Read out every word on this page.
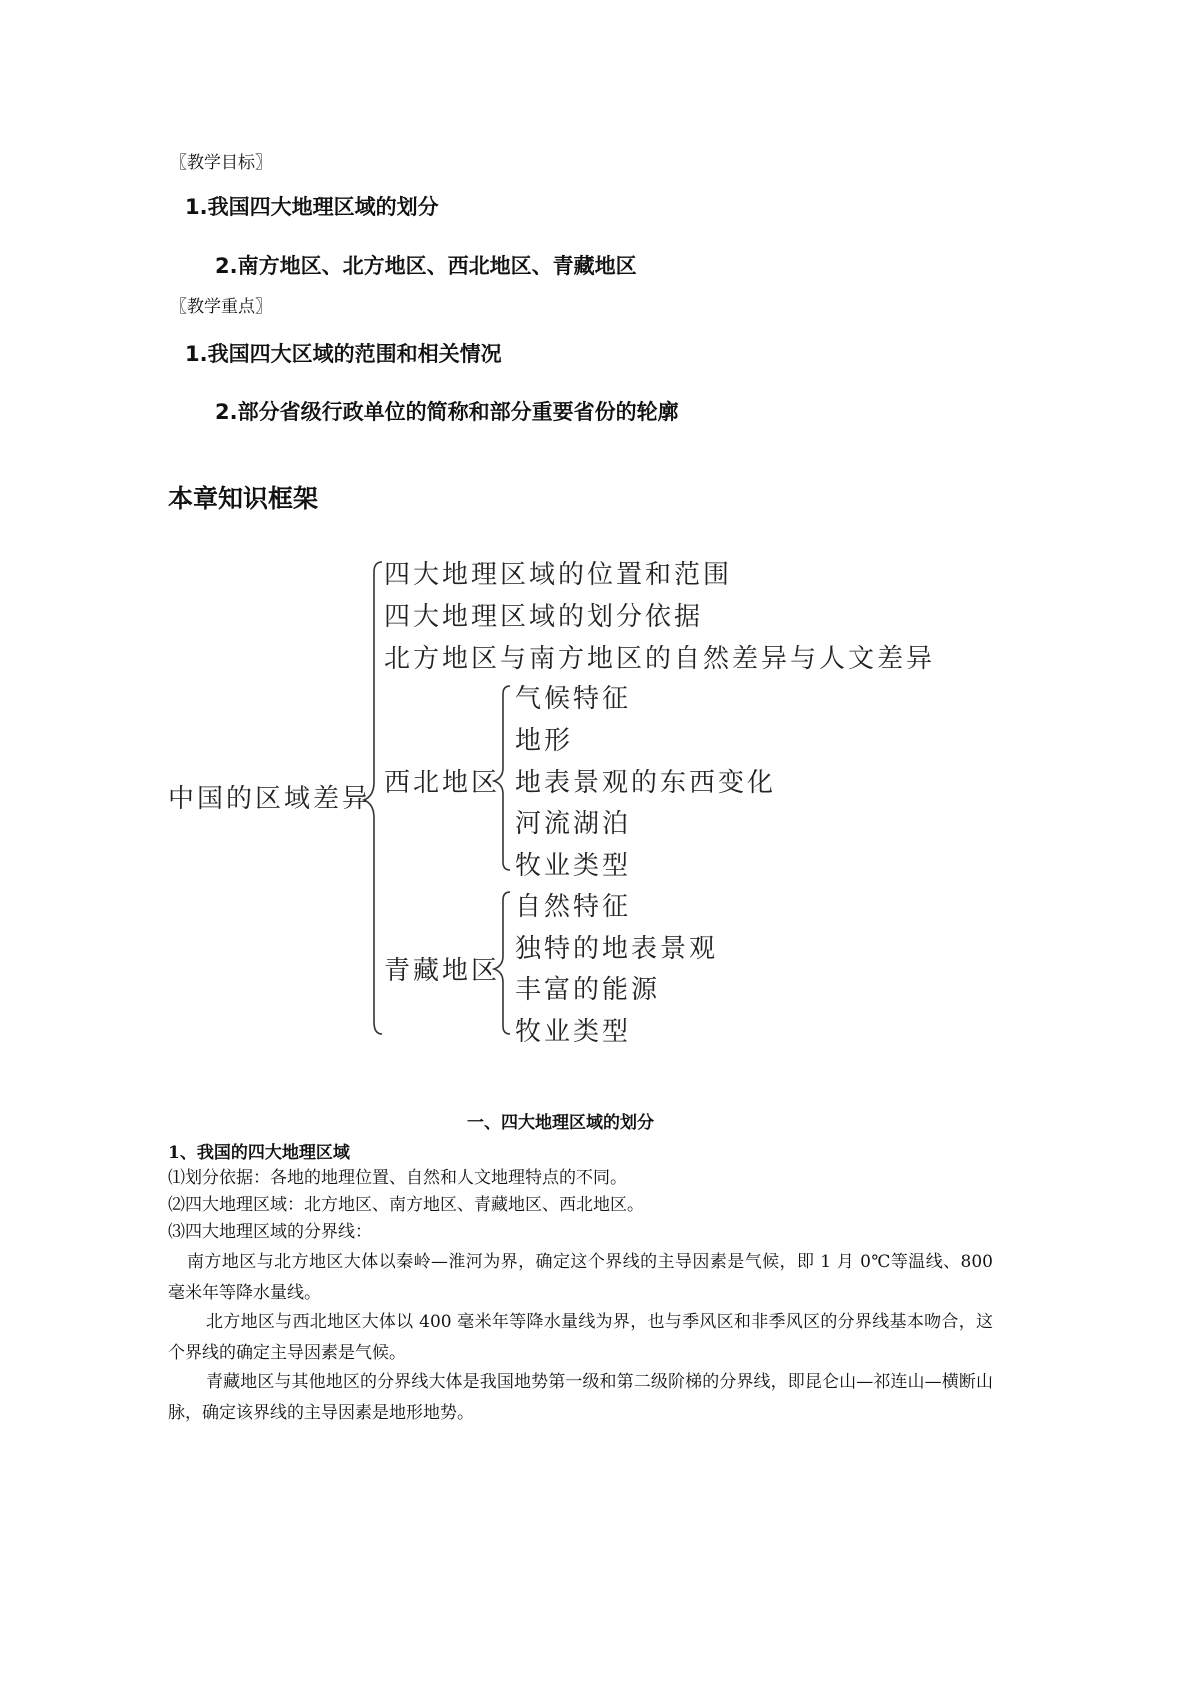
〖教学目标〗
1.我国四大地理区域的划分
2.南方地区、北方地区、西北地区、青藏地区
〖教学重点〗
1.我国四大区域的范围和相关情况
2.部分省级行政单位的简称和部分重要省份的轮廓
本章知识框架
中国的区域差异
四大地理区域的位置和范围
四大地理区域的划分依据
北方地区与南方地区的自然差异与人文差异
西北地区
气候特征
地形
地表景观的东西变化
河流湖泊
牧业类型
青藏地区
自然特征
独特的地表景观
丰富的能源
牧业类型
一、四大地理区域的划分
1、我国的四大地理区域
⑴划分依据：各地的地理位置、自然和人文地理特点的不同。
⑵四大地理区域：北方地区、南方地区、青藏地区、西北地区。
⑶四大地理区域的分界线：
南方地区与北方地区大体以秦岭—淮河为界，确定这个界线的主导因素是气候，即 1 月 0℃等温线、800 毫米年等降水量线。
北方地区与西北地区大体以 400 毫米年等降水量线为界，也与季风区和非季风区的分界线基本吻合，这个界线的确定主导因素是气候。
青藏地区与其他地区的分界线大体是我国地势第一级和第二级阶梯的分界线，即昆仑山—祁连山—横断山脉，确定该界线的主导因素是地形地势。
